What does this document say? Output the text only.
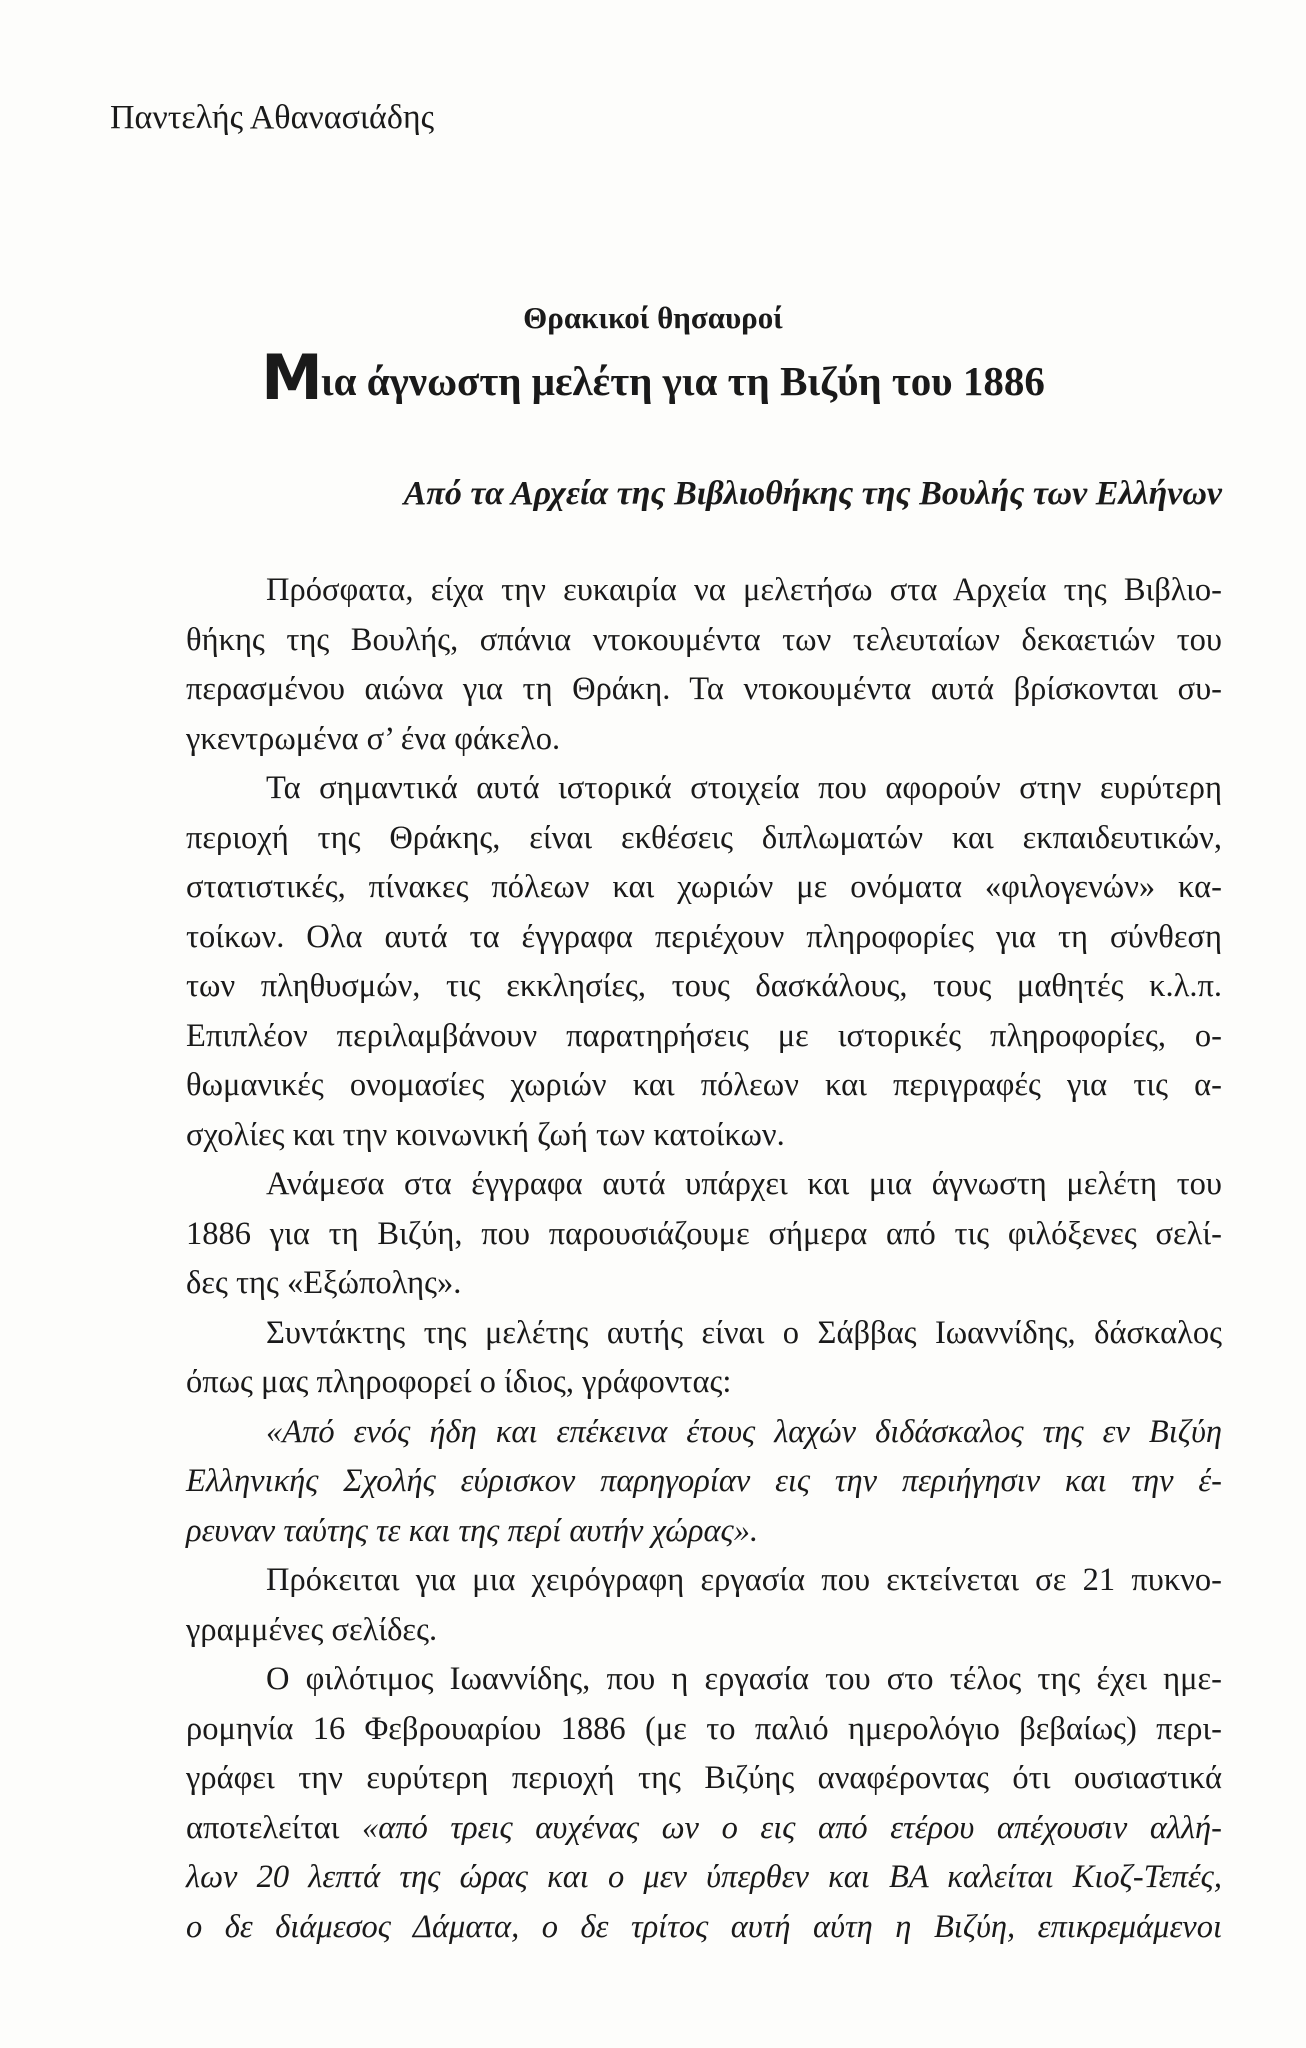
Παντελής Αθανασιάδης
Θρακικοί θησαυροί
Μια άγνωστη μελέτη για τη Βιζύη του 1886
Από τα Αρχεία της Βιβλιοθήκης της Βουλής των Ελλήνων
Πρόσφατα, είχα την ευκαιρία να μελετήσω στα Αρχεία της Βιβλιο-
θήκης της Βουλής, σπάνια ντοκουμέντα των τελευταίων δεκαετιών του
περασμένου αιώνα για τη Θράκη. Τα ντοκουμέντα αυτά βρίσκονται συ-
γκεντρωμένα σ’ ένα φάκελο.
Τα σημαντικά αυτά ιστορικά στοιχεία που αφορούν στην ευρύτερη
περιοχή της Θράκης, είναι εκθέσεις διπλωματών και εκπαιδευτικών,
στατιστικές, πίνακες πόλεων και χωριών με ονόματα «φιλογενών» κα-
τοίκων. Ολα αυτά τα έγγραφα περιέχουν πληροφορίες για τη σύνθεση
των πληθυσμών, τις εκκλησίες, τους δασκάλους, τους μαθητές κ.λ.π.
Επιπλέον περιλαμβάνουν παρατηρήσεις με ιστορικές πληροφορίες, ο-
θωμανικές ονομασίες χωριών και πόλεων και περιγραφές για τις α-
σχολίες και την κοινωνική ζωή των κατοίκων.
Ανάμεσα στα έγγραφα αυτά υπάρχει και μια άγνωστη μελέτη του
1886 για τη Βιζύη, που παρουσιάζουμε σήμερα από τις φιλόξενες σελί-
δες της «Εξώπολης».
Συντάκτης της μελέτης αυτής είναι ο Σάββας Ιωαννίδης, δάσκαλος
όπως μας πληροφορεί ο ίδιος, γράφοντας:
«Από ενός ήδη και επέκεινα έτους λαχών διδάσκαλος της εν Βιζύη
Ελληνικής Σχολής εύρισκον παρηγορίαν εις την περιήγησιν και την έ-
ρευναν ταύτης τε και της περί αυτήν χώρας».
Πρόκειται για μια χειρόγραφη εργασία που εκτείνεται σε 21 πυκνο-
γραμμένες σελίδες.
Ο φιλότιμος Ιωαννίδης, που η εργασία του στο τέλος της έχει ημε-
ρομηνία 16 Φεβρουαρίου 1886 (με το παλιό ημερολόγιο βεβαίως) περι-
γράφει την ευρύτερη περιοχή της Βιζύης αναφέροντας ότι ουσιαστικά
αποτελείται «από τρεις αυχένας ων ο εις από ετέρου απέχουσιν αλλή-
λων 20 λεπτά της ώρας και ο μεν ύπερθεν και ΒΑ καλείται Κιοζ-Τεπές,
ο δε διάμεσος Δάματα, ο δε τρίτος αυτή αύτη η Βιζύη, επικρεμάμενοι
